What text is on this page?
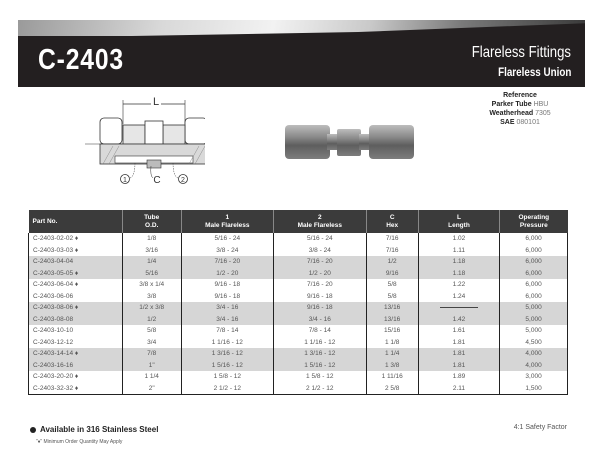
C-2403	Flareless Fittings
Flareless Union
Reference
Parker Tube HBU
Weatherhead 7305
SAE 080101
L
1	C	2
Part No.	
Tube
O.D.

1
Male Flareless

2
Male Flareless

C
Hex

L
Length

Operating
Pressure

C-2403-02-02 ♦	1/8	5/16 - 24	5/16 - 24	7/16	1.02	6,000
C-2403-03-03 ♦	3/16	3/8 - 24	3/8 - 24	7/16	1.11	6,000
C-2403-04-04	1/4	7/16 - 20	7/16 - 20	1/2	1.18	6,000
C-2403-05-05 ♦	5/16	1/2 - 20	1/2 - 20	9/16	1.18	6,000
C-2403-06-04 ♦	3/8 x 1/4	9/16 - 18	7/16 - 20	5/8	1.22	6,000
C-2403-06-06	3/8	9/16 - 18	9/16 - 18	5/8	1.24	6,000
C-2403-08-06 ♦	1/2 x 3/8	3/4 - 16	9/16 - 18	13/16		5,000
C-2403-08-08	1/2	3/4 - 16	3/4 - 16	13/16	1.42	5,000
C-2403-10-10	5/8	7/8 - 14	7/8 - 14	15/16	1.61	5,000
C-2403-12-12	3/4	1 1/16 - 12	1 1/16 - 12	1 1/8	1.81	4,500
C-2403-14-14 ♦	7/8	1 3/16 - 12	1 3/16 - 12	1 1/4	1.81	4,000
C-2403-16-16	1"	1 5/16 - 12	1 5/16 - 12	1 3/8	1.81	4,000
C-2403-20-20 ♦	1 1/4	1 5/8 - 12	1 5/8 - 12	1 11/16	1.89	3,000
C-2403-32-32 ♦	2"	2 1/2 - 12	2 1/2 - 12	2 5/8	2.11	1,500
Available in 316 Stainless Steel
"♦" Minimum Order Quantity May Apply
4:1 Safety Factor
